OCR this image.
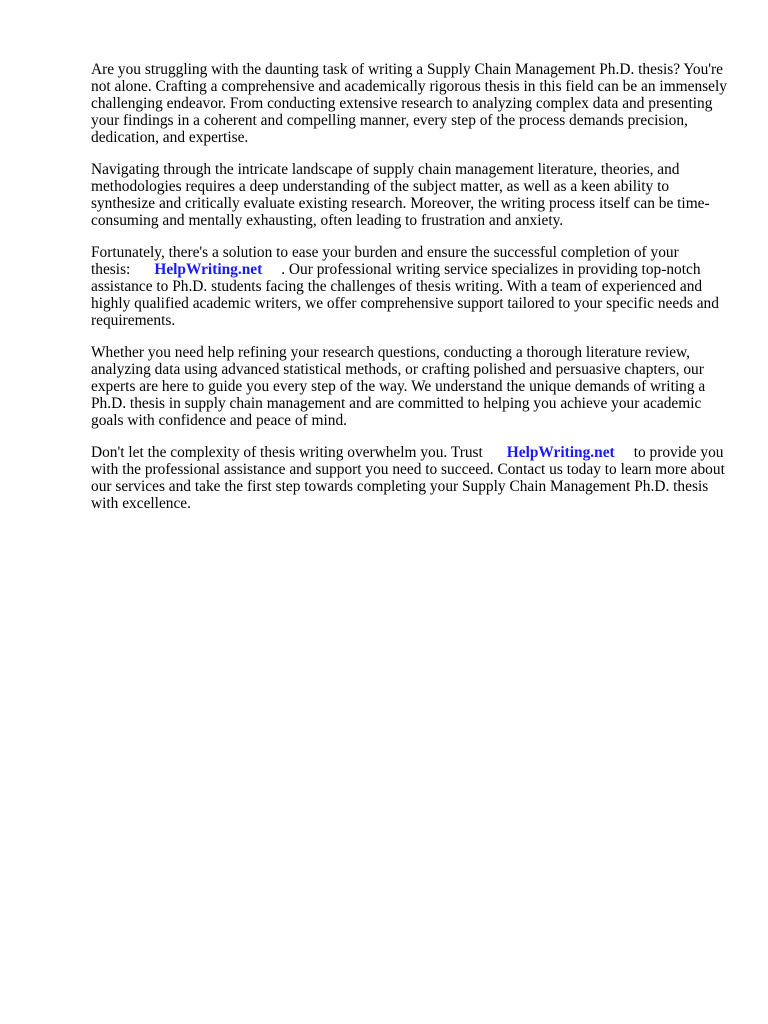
Are you struggling with the daunting task of writing a Supply Chain Management Ph.D. thesis? You're not alone. Crafting a comprehensive and academically rigorous thesis in this field can be an immensely challenging endeavor. From conducting extensive research to analyzing complex data and presenting your findings in a coherent and compelling manner, every step of the process demands precision, dedication, and expertise.

Navigating through the intricate landscape of supply chain management literature, theories, and methodologies requires a deep understanding of the subject matter, as well as a keen ability to synthesize and critically evaluate existing research. Moreover, the writing process itself can be time-consuming and mentally exhausting, often leading to frustration and anxiety.

Fortunately, there's a solution to ease your burden and ensure the successful completion of your thesis: HelpWriting.net . Our professional writing service specializes in providing top-notch assistance to Ph.D. students facing the challenges of thesis writing. With a team of experienced and highly qualified academic writers, we offer comprehensive support tailored to your specific needs and requirements.

Whether you need help refining your research questions, conducting a thorough literature review, analyzing data using advanced statistical methods, or crafting polished and persuasive chapters, our experts are here to guide you every step of the way. We understand the unique demands of writing a Ph.D. thesis in supply chain management and are committed to helping you achieve your academic goals with confidence and peace of mind.

Don't let the complexity of thesis writing overwhelm you. Trust HelpWriting.net to provide you with the professional assistance and support you need to succeed. Contact us today to learn more about our services and take the first step towards completing your Supply Chain Management Ph.D. thesis with excellence.
